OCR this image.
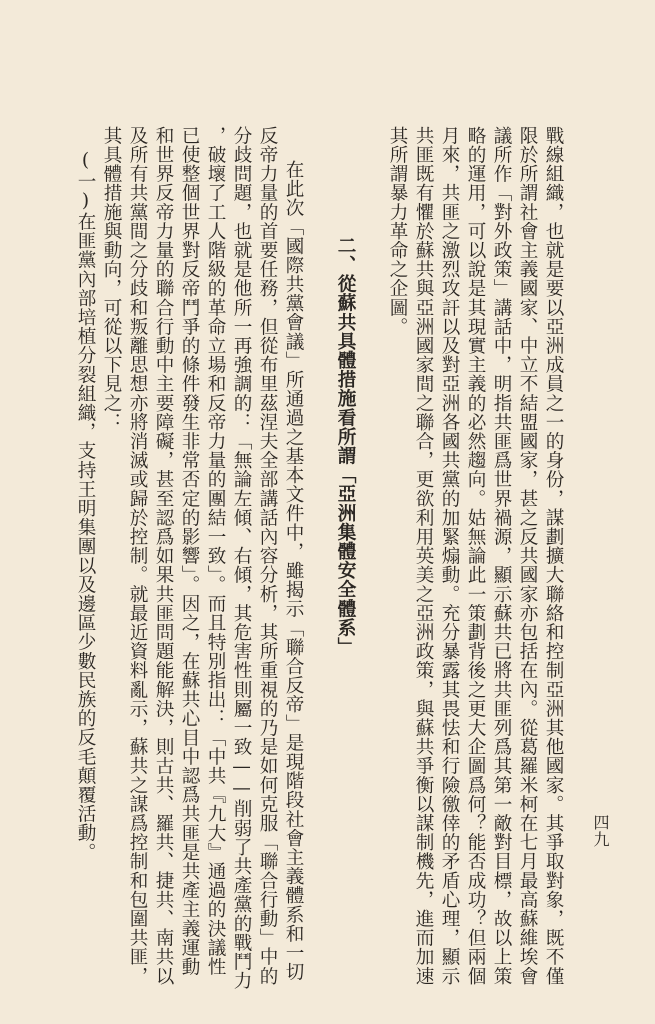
戰線組織，也就是要以亞洲成員之一的身份，謀劃擴大聯絡和控制亞洲其他國家。其爭取對象，既不僅
限於所謂社會主義國家、中立不結盟國家，甚之反共國家亦包括在內。從葛羅米柯在七月最高蘇維埃會
議所作「對外政策」講話中，明指共匪爲世界禍源，顯示蘇共已將共匪列爲其第一敵對目標，故以上策
略的運用，可以說是其現實主義的必然趨向。姑無論此一策劃背後之更大企圖爲何？能否成功？但兩個
月來，共匪之激烈攻訐以及對亞洲各國共黨的加緊煽動。充分暴露其畏怯和行險徼倖的矛盾心理，顯示
共匪既有懼於蘇共與亞洲國家間之聯合，更欲利用英美之亞洲政策，與蘇共爭衡以謀制機先，進而加速
其所謂暴力革命之企圖。
二、從蘇共具體措施看所謂「亞洲集體安全體系」
在此次「國際共黨會議」所通過之基本文件中，雖揭示「聯合反帝」是現階段社會主義體系和一切
反帝力量的首要任務，但從布里茲涅夫全部講話內容分析，其所重視的乃是如何克服「聯合行動」中的
分歧問題，也就是他所一再強調的：「無論左傾、右傾，其危害性則屬一致——削弱了共產黨的戰鬥力
，破壞了工人階級的革命立場和反帝力量的團結一致」。而且特別指出：「中共『九大』通過的決議性
已使整個世界對反帝鬥爭的條件發生非常否定的影響」。因之，在蘇共心目中認爲共匪是共產主義運動
和世界反帝力量的聯合行動中主要障礙，甚至認爲如果共匪問題能解決，則古共、羅共、捷共、南共以
及所有共黨間之分歧和叛離思想亦將消滅或歸於控制。就最近資料亂示，蘇共之謀爲控制和包圍共匪，
其具體措施與動向，可從以下見之：
(一)在匪黨內部培植分裂組織，支持王明集團以及邊區少數民族的反毛顛覆活動。	四九
